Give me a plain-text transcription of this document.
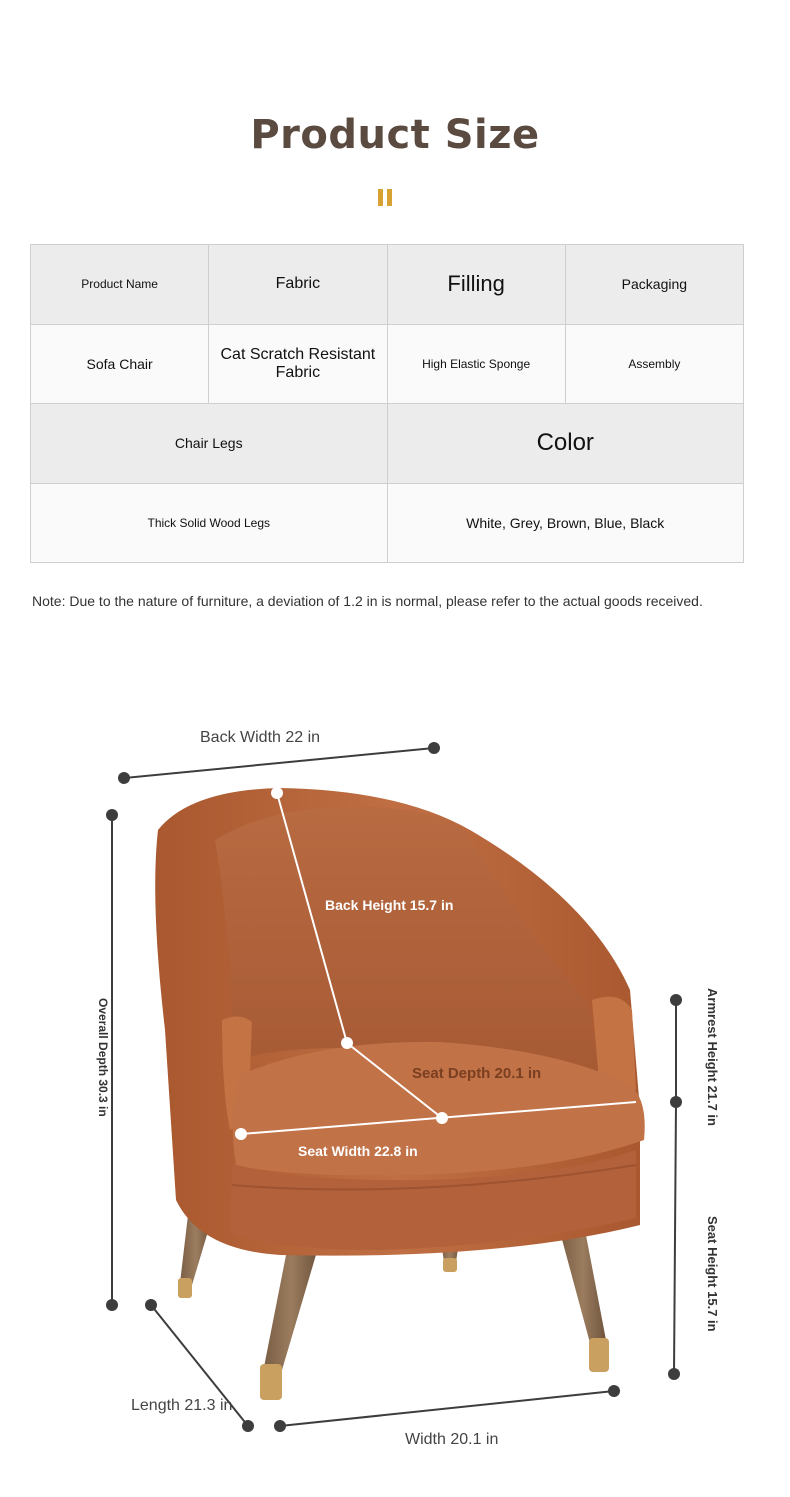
Product Size
Product Name	Fabric	Filling	Packaging
Sofa Chair	Cat Scratch Resistant Fabric	High Elastic Sponge	Assembly
Chair Legs		Color	
Thick Solid Wood Legs		White, Grey, Brown, Blue, Black	
Note: Due to the nature of furniture, a deviation of 1.2 in is normal, please refer to the actual goods received.
Back Width 22 in
Back Height 15.7 in
Seat Depth 20.1 in
Seat Width 22.8 in
Overall Depth 30.3 in	Armrest Height 21.7 in
Seat Height 15.7 in
Length 21.3 in
Width 20.1 in
